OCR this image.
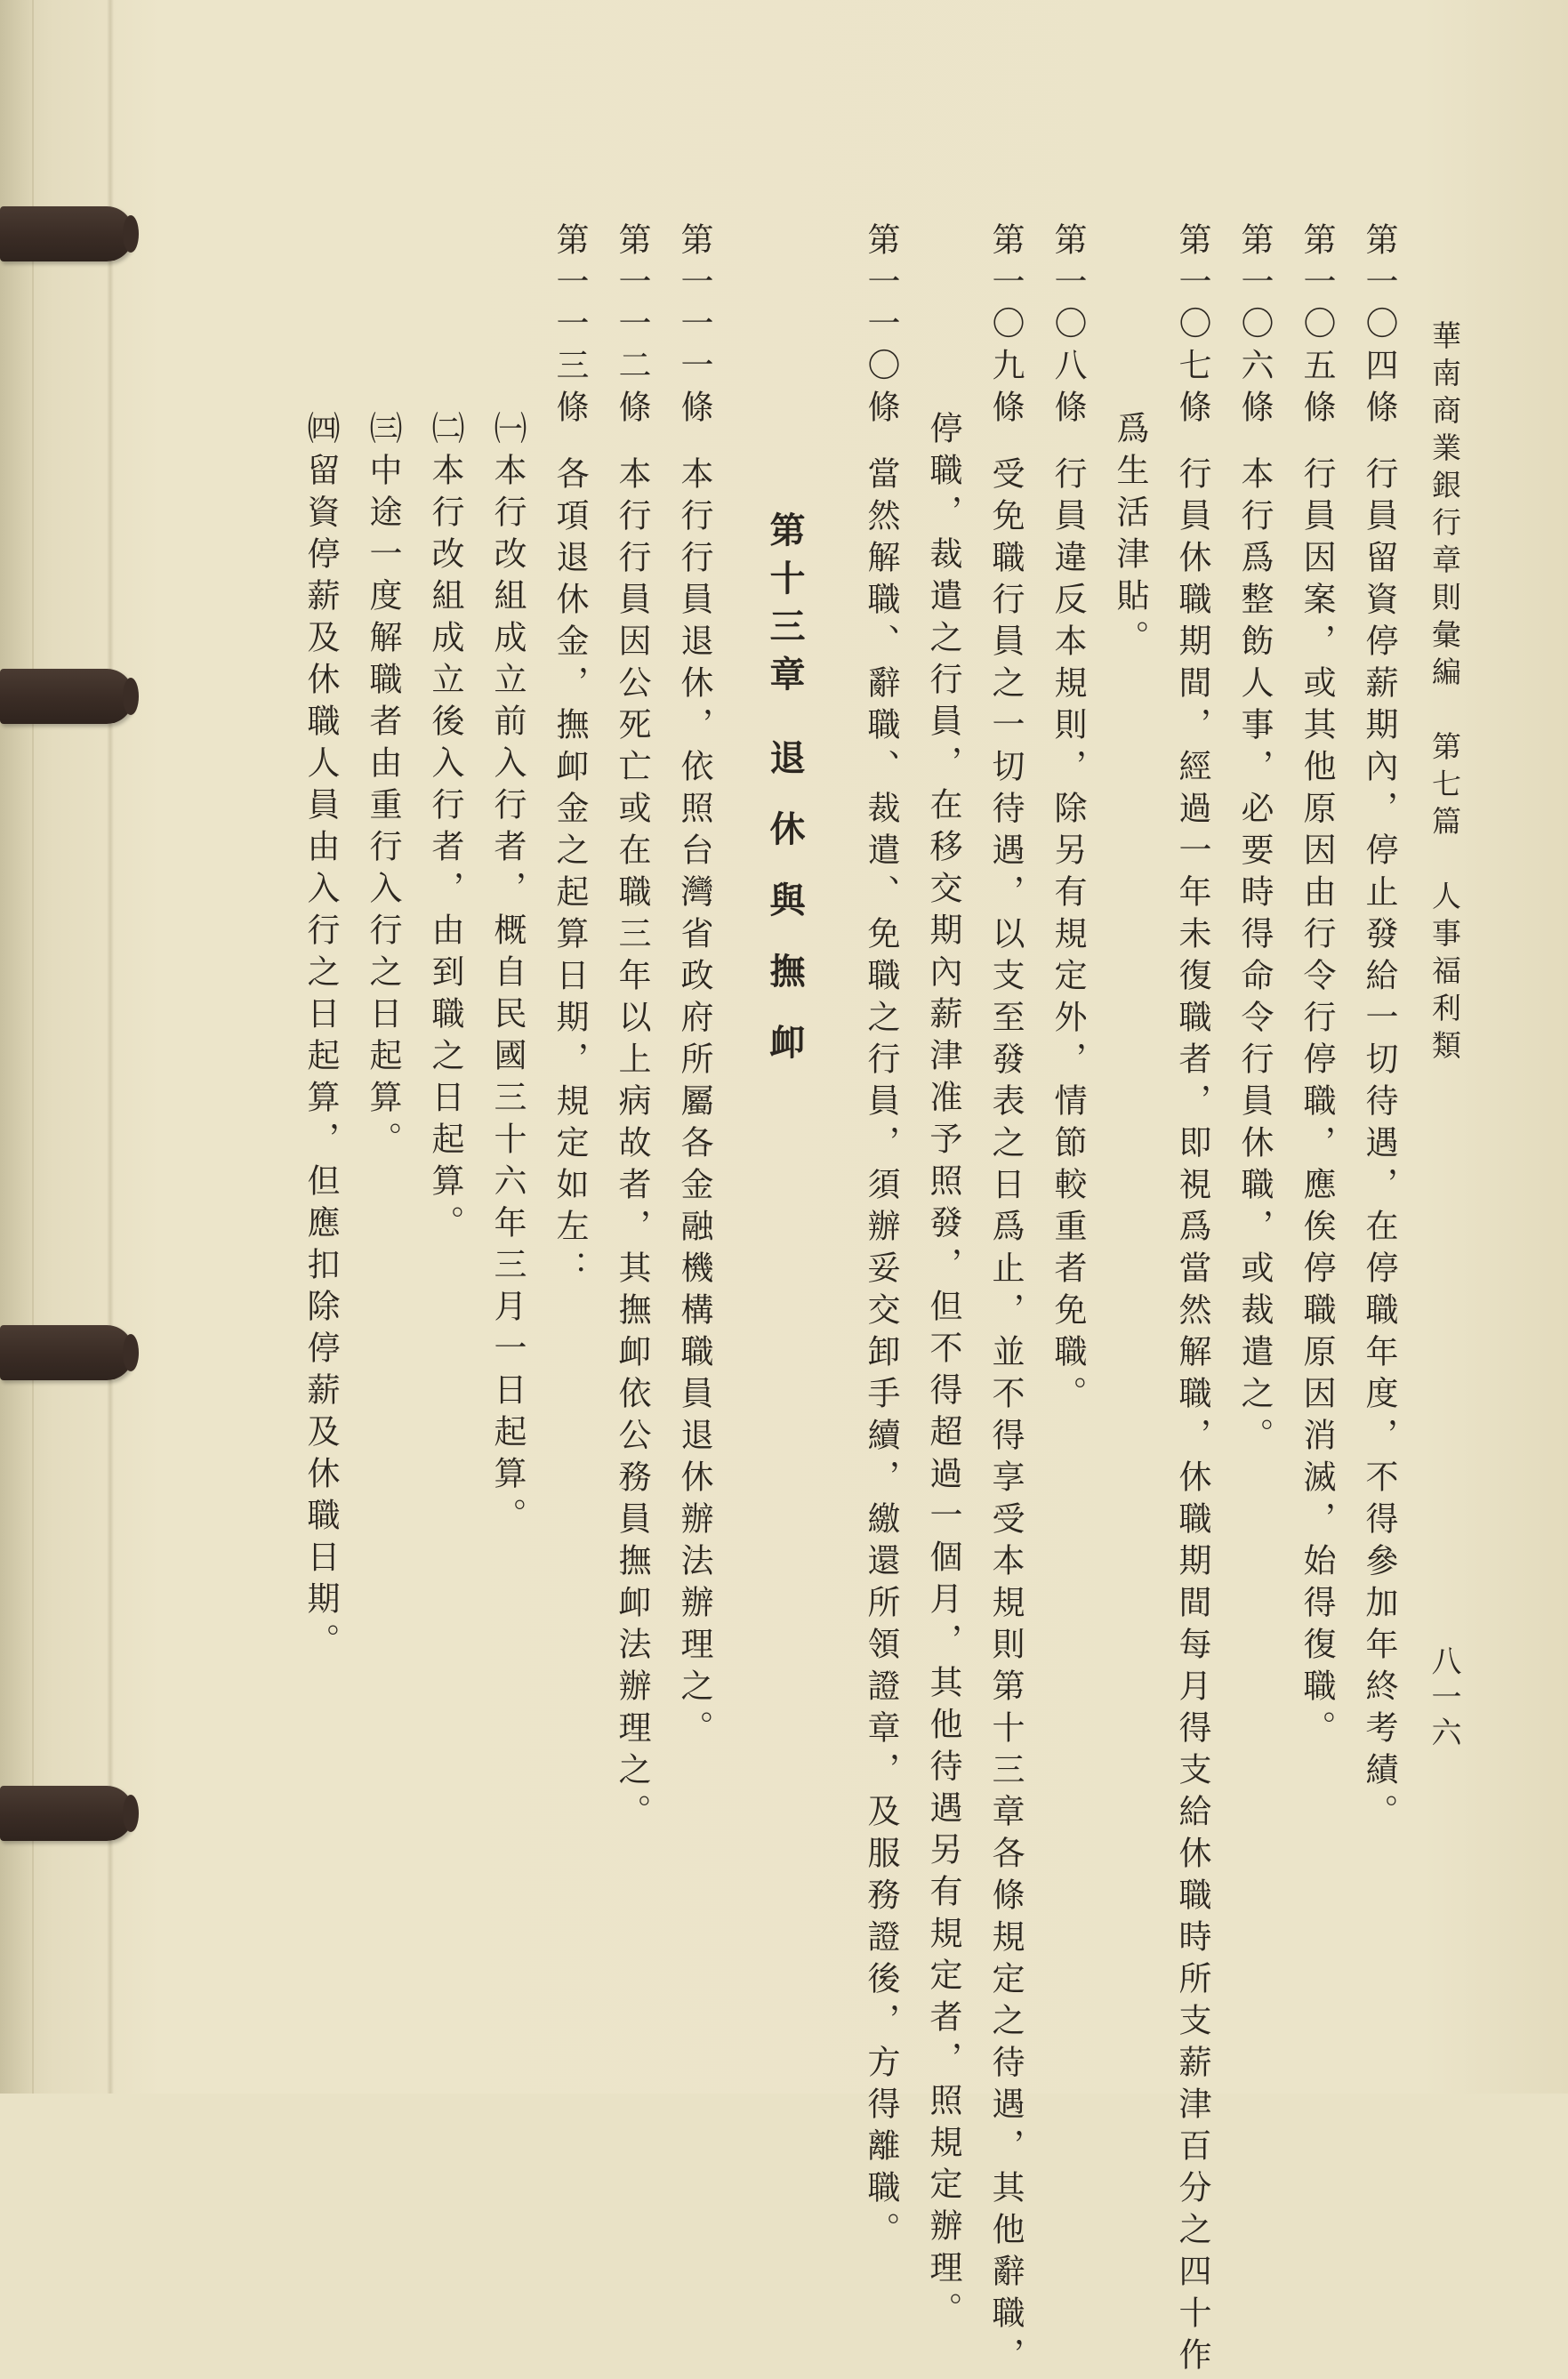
華南商業銀行章則彙編　第七篇　人事福利類
八一六
第一〇四條行員留資停薪期內，停止發給一切待遇，在停職年度，不得參加年終考績。
第一〇五條行員因案，或其他原因由行令行停職，應俟停職原因消滅，始得復職。
第一〇六條本行爲整飭人事，必要時得命令行員休職，或裁遣之。
第一〇七條行員休職期間，經過一年未復職者，即視爲當然解職，休職期間每月得支給休職時所支薪津百分之四十作
爲生活津貼。
第一〇八條行員違反本規則，除另有規定外，情節較重者免職。
第一〇九條受免職行員之一切待遇，以支至發表之日爲止，並不得享受本規則第十三章各條規定之待遇，其他辭職，
停職，裁遣之行員，在移交期內薪津准予照發，但不得超過一個月，其他待遇另有規定者，照規定辦理。
第一一〇條當然解職、辭職、裁遣、免職之行員，須辦妥交卸手續，繳還所領證章，及服務證後，方得離職。
第十三章退休與撫卹
第一一一條本行行員退休，依照台灣省政府所屬各金融機構職員退休辦法辦理之。
第一一二條本行行員因公死亡或在職三年以上病故者，其撫卹依公務員撫卹法辦理之。
第一一三條各項退休金，撫卹金之起算日期，規定如左：
㈠本行改組成立前入行者，概自民國三十六年三月一日起算。
㈡本行改組成立後入行者，由到職之日起算。
㈢中途一度解職者由重行入行之日起算。
㈣留資停薪及休職人員由入行之日起算，但應扣除停薪及休職日期。
